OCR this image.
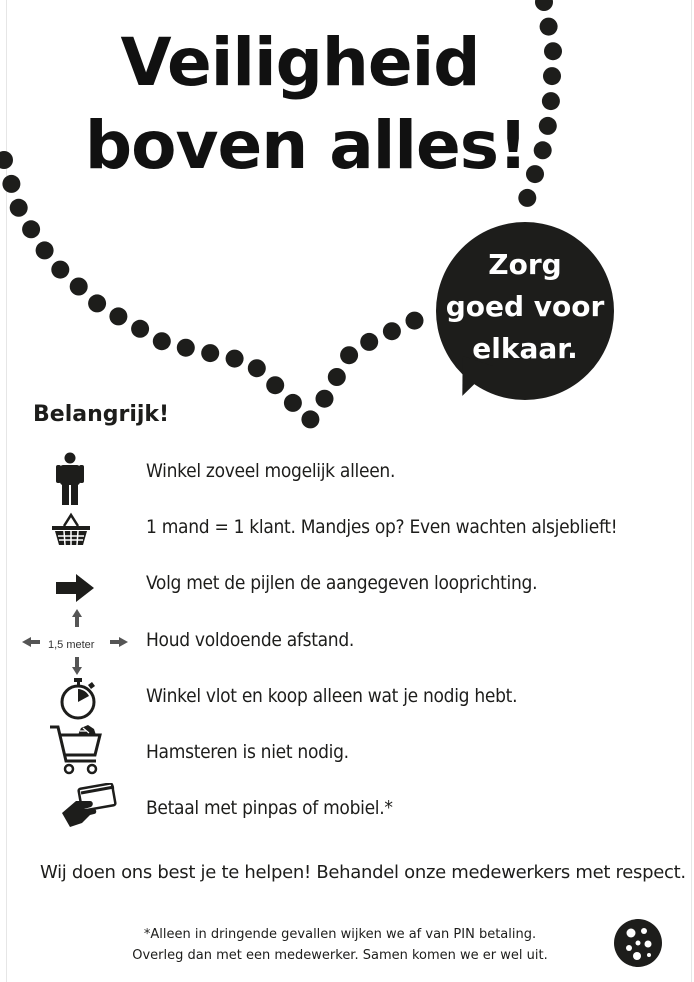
Veiligheid
boven alles!
Zorg
goed voor
elkaar.
Belangrijk!
Winkel zoveel mogelijk alleen.
1 mand = 1 klant. Mandjes op? Even wachten alsjeblieft!
Volg met de pijlen de aangegeven looprichting.
1,5 meter	Houd voldoende afstand.
Winkel vlot en koop alleen wat je nodig hebt.
Hamsteren is niet nodig.
Betaal met pinpas of mobiel.*
Wij doen ons best je te helpen! Behandel onze medewerkers met respect.
*Alleen in dringende gevallen wijken we af van PIN betaling.
Overleg dan met een medewerker. Samen komen we er wel uit.
